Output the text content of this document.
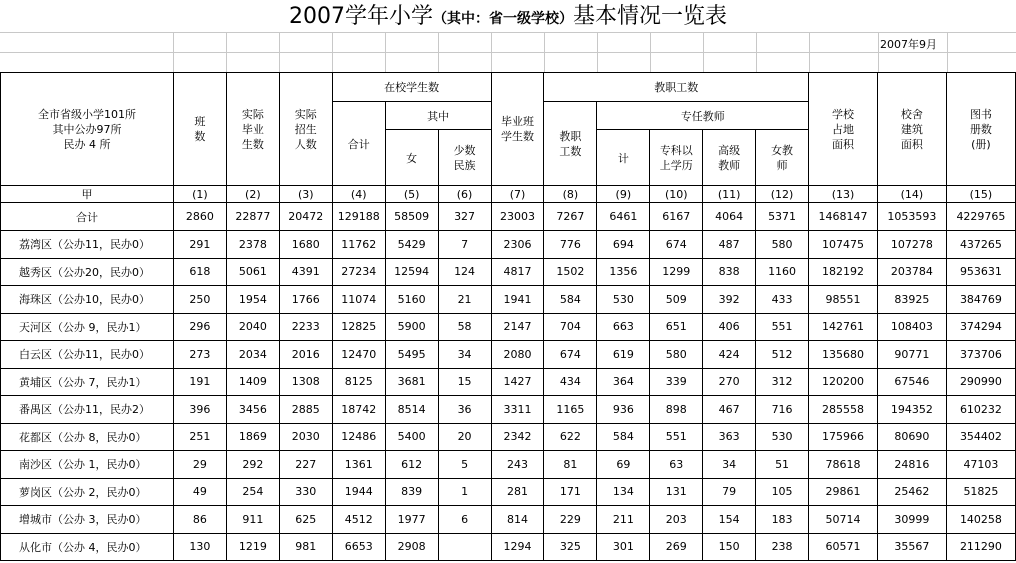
2007学年小学（其中：省一级学校）基本情况一览表
2007年9月
全市省级小学101所
其中公办97所
民办 4 所	班数	实际毕业生数	实际招生人数	在校学生数			毕业班学生数	教职工数					学校占地面积	校舍建筑面积	图书册数(册)
				合计	其中			教职工数	专任教师						
					女	少数民族			计	专科以上学历	高级教师	女教师			
甲	(1)	(2)	(3)	(4)	(5)	(6)	(7)	(8)	(9)	(10)	(11)	(12)	(13)	(14)	(15)
合计	2860	22877	20472	129188	58509	327	23003	7267	6461	6167	4064	5371	1468147	1053593	4229765
荔湾区（公办11，民办0）	291	2378	1680	11762	5429	7	2306	776	694	674	487	580	107475	107278	437265
越秀区（公办20，民办0）	618	5061	4391	27234	12594	124	4817	1502	1356	1299	838	1160	182192	203784	953631
海珠区（公办10，民办0）	250	1954	1766	11074	5160	21	1941	584	530	509	392	433	98551	83925	384769
天河区（公办 9，民办1）	296	2040	2233	12825	5900	58	2147	704	663	651	406	551	142761	108403	374294
白云区（公办11，民办0）	273	2034	2016	12470	5495	34	2080	674	619	580	424	512	135680	90771	373706
黄埔区（公办 7，民办1）	191	1409	1308	8125	3681	15	1427	434	364	339	270	312	120200	67546	290990
番禺区（公办11，民办2）	396	3456	2885	18742	8514	36	3311	1165	936	898	467	716	285558	194352	610232
花都区（公办 8，民办0）	251	1869	2030	12486	5400	20	2342	622	584	551	363	530	175966	80690	354402
南沙区（公办 1，民办0）	29	292	227	1361	612	5	243	81	69	63	34	51	78618	24816	47103
萝岗区（公办 2，民办0）	49	254	330	1944	839	1	281	171	134	131	79	105	29861	25462	51825
增城市（公办 3，民办0）	86	911	625	4512	1977	6	814	229	211	203	154	183	50714	30999	140258
从化市（公办 4，民办0）	130	1219	981	6653	2908		1294	325	301	269	150	238	60571	35567	211290
